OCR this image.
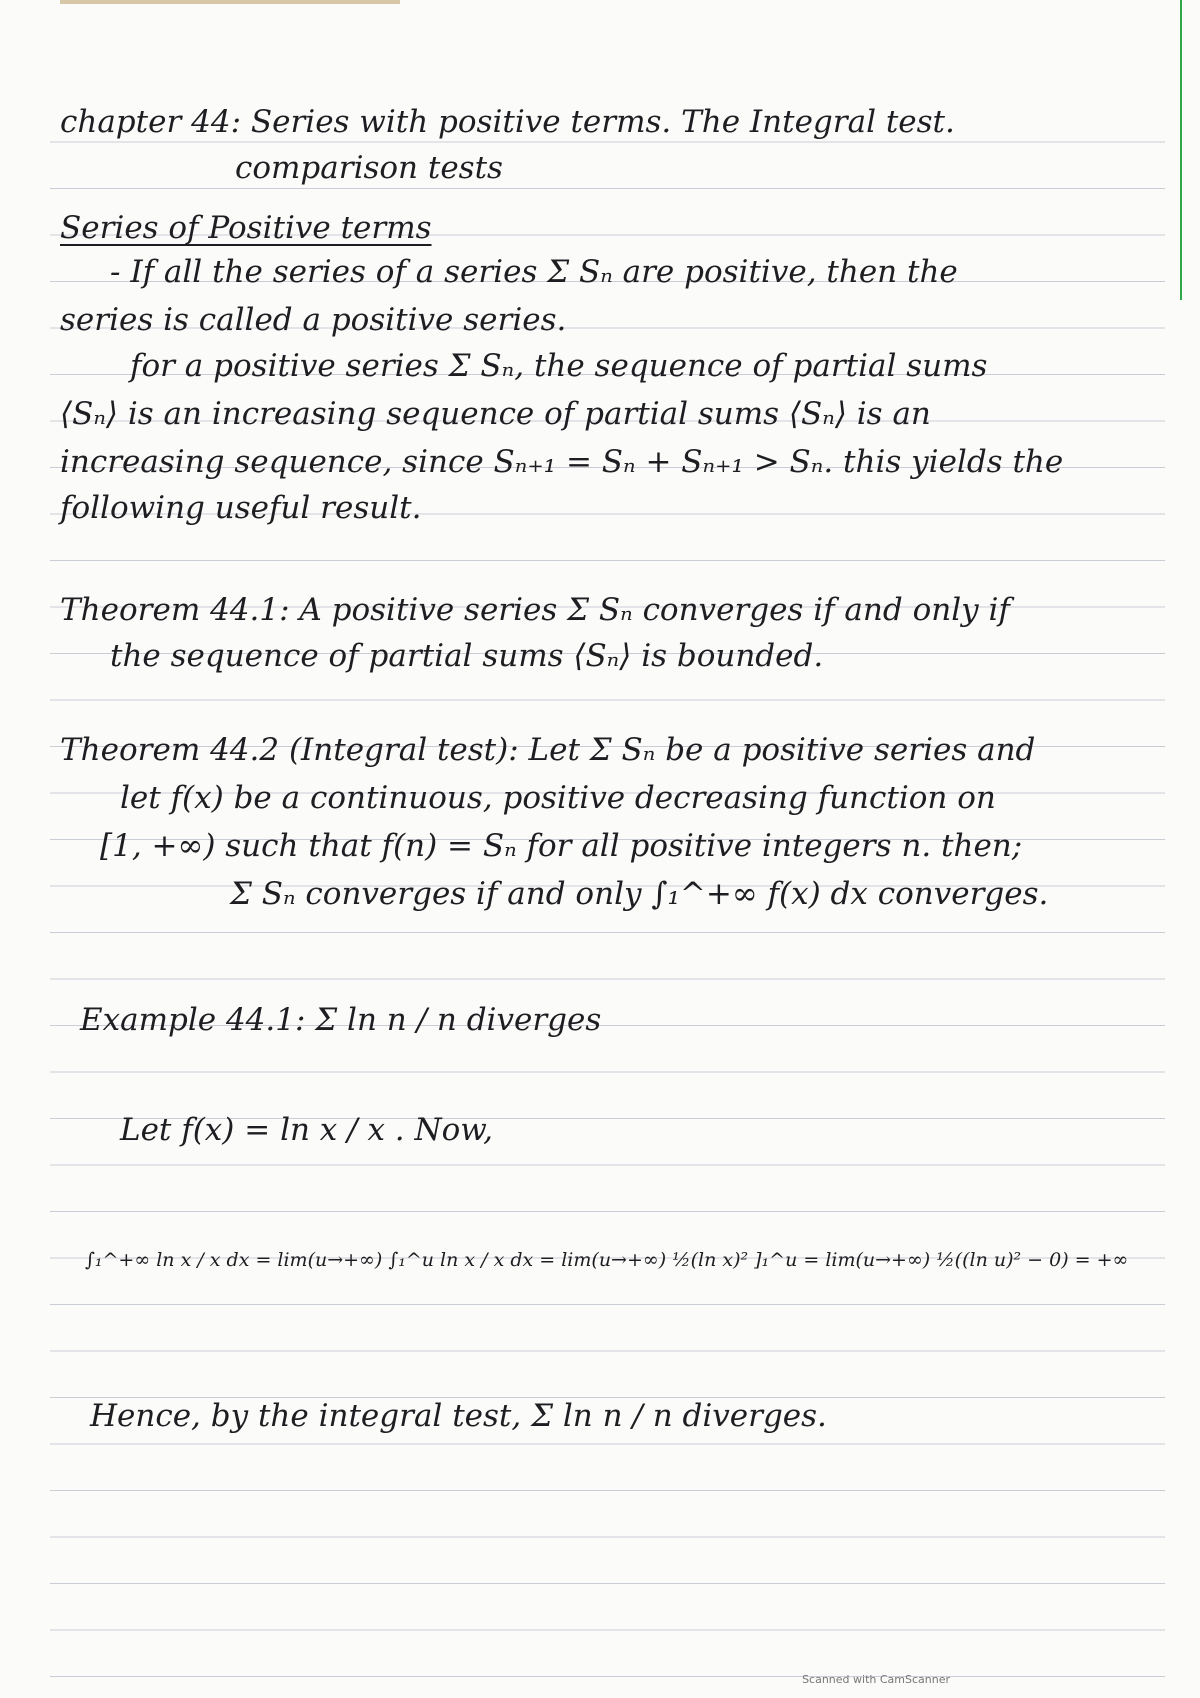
chapter 44: Series with positive terms. The Integral test.
comparison tests
Series of Positive terms
- If all the series of a series Σ Sₙ are positive, then the
series is called a positive series.
for a positive series Σ Sₙ, the sequence of partial sums
⟨Sₙ⟩ is an increasing sequence of partial sums ⟨Sₙ⟩ is an
increasing sequence, since Sₙ₊₁ = Sₙ + Sₙ₊₁ > Sₙ. this yields the
following useful result.
Theorem 44.1: A positive series Σ Sₙ converges if and only if
the sequence of partial sums ⟨Sₙ⟩ is bounded.
Theorem 44.2 (Integral test): Let Σ Sₙ be a positive series and
let f(x) be a continuous, positive decreasing function on
[1, +∞) such that f(n) = Sₙ for all positive integers n. then;
Σ Sₙ converges if and only ∫₁^+∞ f(x) dx converges.
Example 44.1: Σ ln n / n diverges
Let f(x) = ln x / x . Now,
∫₁^+∞ ln x / x dx = lim(u→+∞) ∫₁^u ln x / x dx = lim(u→+∞) ½(ln x)² ]₁^u = lim(u→+∞) ½((ln u)² − 0) = +∞
Hence, by the integral test, Σ ln n / n diverges.
Scanned with CamScanner
